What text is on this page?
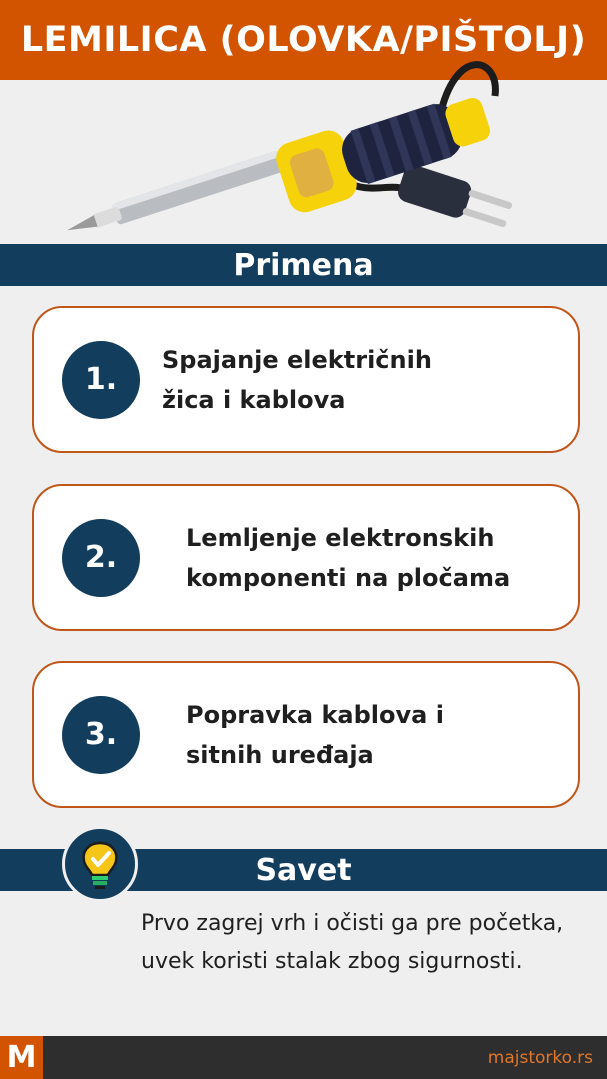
LEMILICA (OLOVKA/PIŠTOLJ)
Primena
1.
Spajanje električnih žica i kablova
2.
Lemljenje elektronskih komponenti na pločama
3.
Popravka kablova i sitnih uređaja
Savet

Prvo zagrej vrh i očisti ga pre početka, uvek koristi stalak zbog sigurnosti.

M	majstorko.rs
